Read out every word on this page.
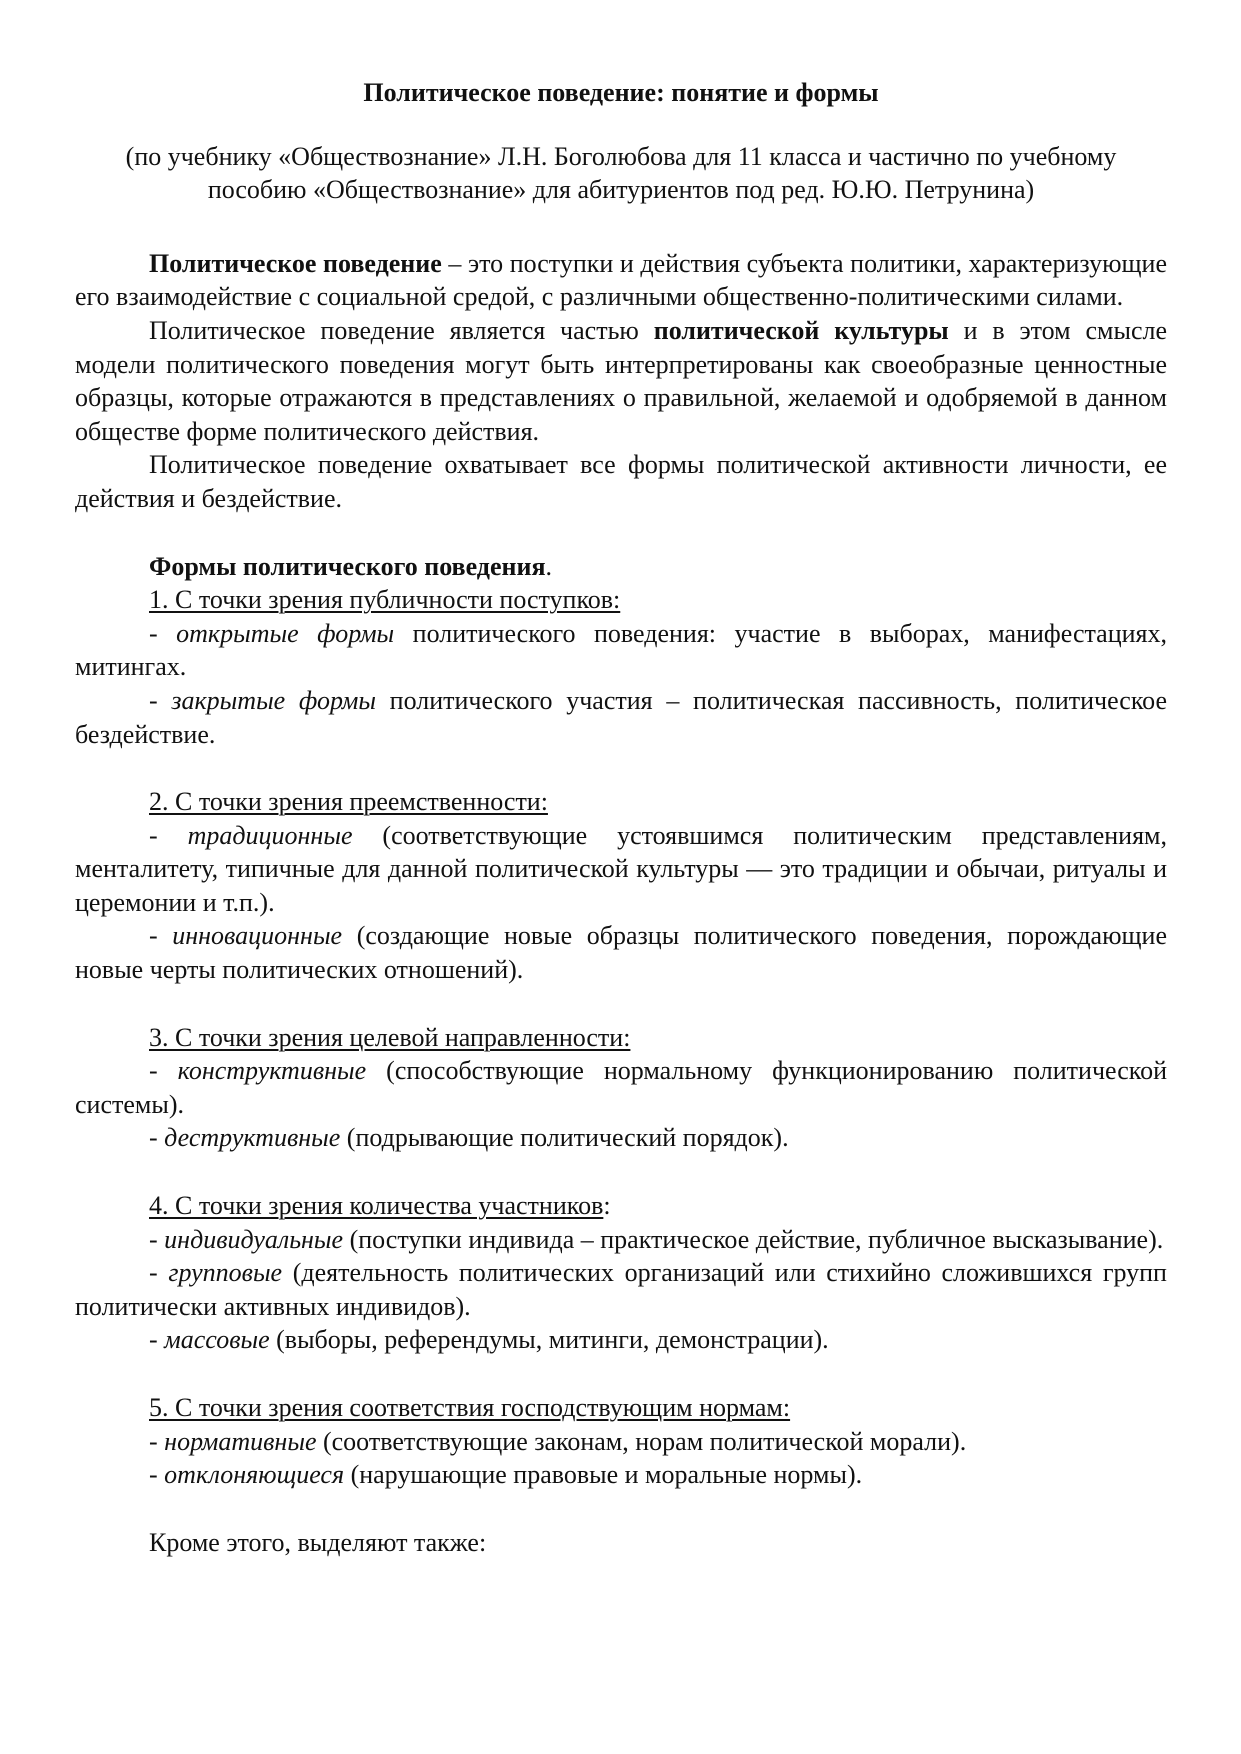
Политическое поведение: понятие и формы

(по учебнику «Обществознание» Л.Н. Боголюбова для 11 класса и частично по учебному пособию «Обществознание» для абитуриентов под ред. Ю.Ю. Петрунина)

Политическое поведение – это поступки и действия субъекта политики, характеризующие его взаимодействие с социальной средой, с различными общественно-политическими силами.

Политическое поведение является частью политической культуры и в этом смысле модели политического поведения могут быть интерпретированы как своеобразные ценностные образцы, которые отражаются в представлениях о правильной, желаемой и одобряемой в данном обществе форме политического действия.

Политическое поведение охватывает все формы политической активности личности, ее действия и бездействие.

Формы политического поведения.

1. С точки зрения публичности поступков:

- открытые формы политического поведения: участие в выборах, манифестациях, митингах.

- закрытые формы политического участия – политическая пассивность, политическое бездействие.

2. С точки зрения преемственности:

- традиционные (соответствующие устоявшимся политическим представлениям, менталитету, типичные для данной политической культуры — это традиции и обычаи, ритуалы и церемонии и т.п.).

- инновационные (создающие новые образцы политического поведения, порождающие новые черты политических отношений).

3. С точки зрения целевой направленности:

- конструктивные (способствующие нормальному функционированию политической системы).

- деструктивные (подрывающие политический порядок).

4. С точки зрения количества участников:

- индивидуальные (поступки индивида – практическое действие, публичное высказывание).

- групповые (деятельность политических организаций или стихийно сложившихся групп политически активных индивидов).

- массовые (выборы, референдумы, митинги, демонстрации).

5. С точки зрения соответствия господствующим нормам:

- нормативные (соответствующие законам, норам политической морали).

- отклоняющиеся (нарушающие правовые и моральные нормы).

Кроме этого, выделяют также:
